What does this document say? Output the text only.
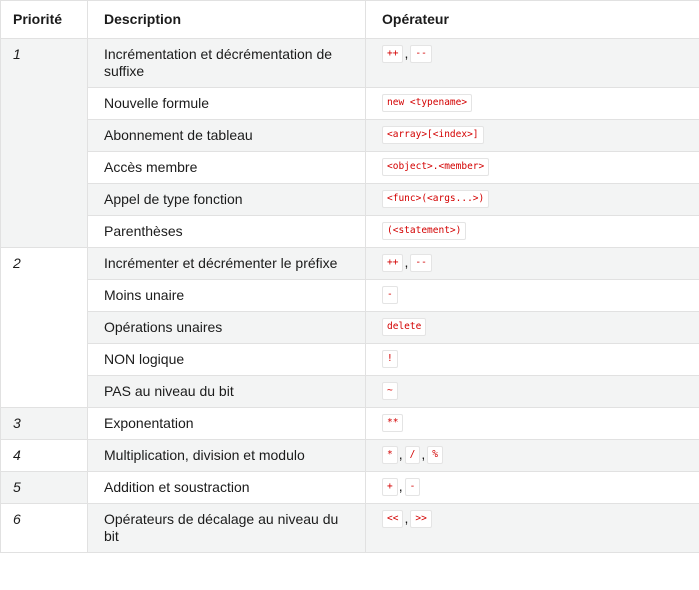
Priorité	Description	Opérateur
1	Incrémentation et décrémentation de suffixe	++ , --
	Nouvelle formule	new <typename>
	Abonnement de tableau	<array>[<index>]
	Accès membre	<object>.<member>
	Appel de type fonction	<func>(<args...>)
	Parenthèses	(<statement>)
2	Incrémenter et décrémenter le préfixe	++ , --
	Moins unaire	-
	Opérations unaires	delete
	NON logique	!
	PAS au niveau du bit	~
3	Exponentation	**
4	Multiplication, division et modulo	* , / , %
5	Addition et soustraction	+ , -
6	Opérateurs de décalage au niveau du bit	<< , >>
